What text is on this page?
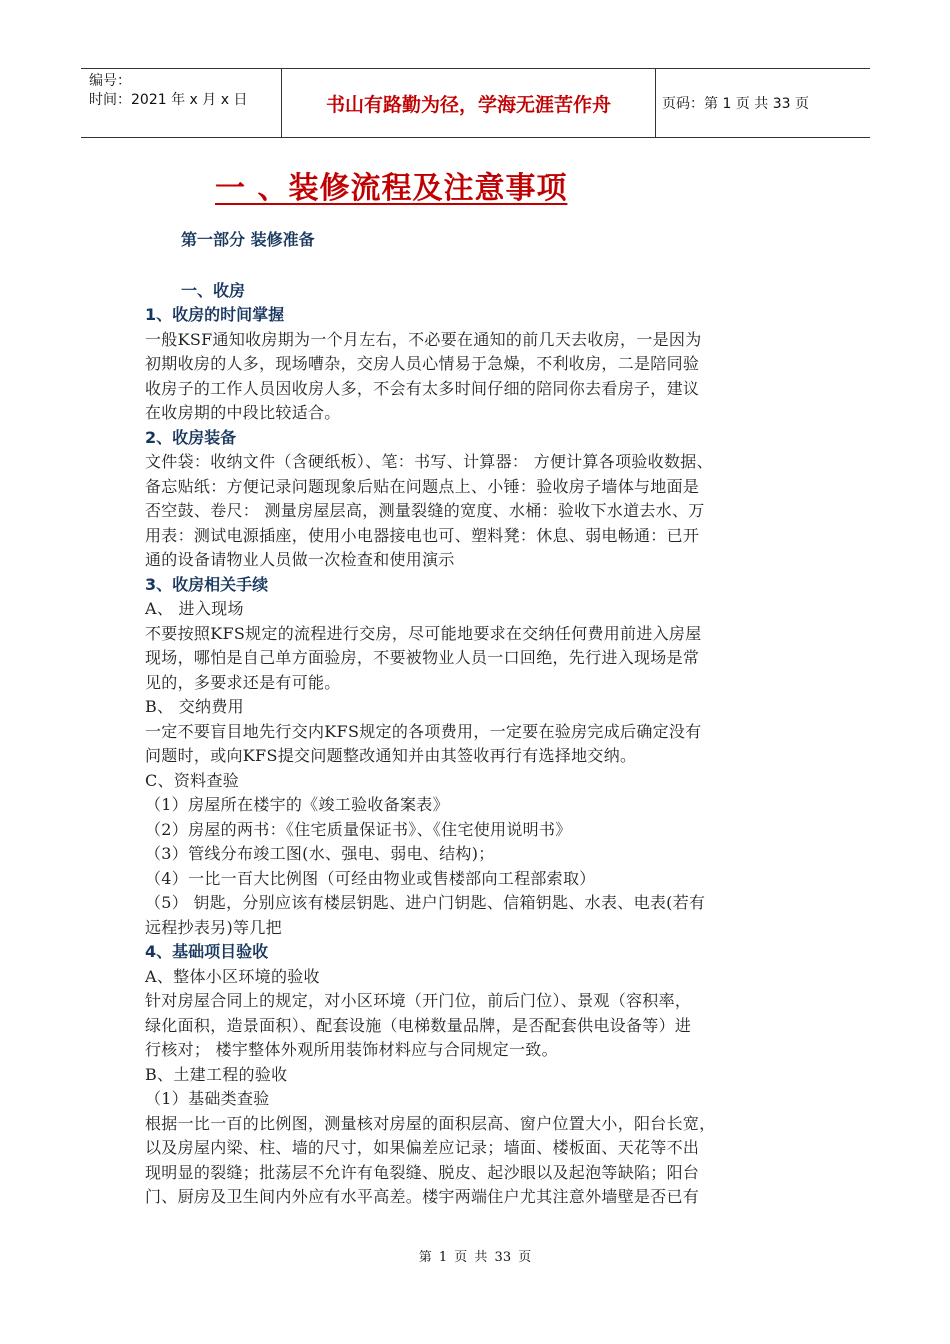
编号：
时间：2021 年 x 月 x 日	书山有路勤为径，学海无涯苦作舟	页码：第 1 页 共 33 页
一 、装修流程及注意事项

第一部分 装修准备

一、收房

1、收房的时间掌握

一般KSF通知收房期为一个月左右，不必要在通知的前几天去收房，一是因为

初期收房的人多，现场嘈杂，交房人员心情易于急燥，不利收房，二是陪同验

收房子的工作人员因收房人多，不会有太多时间仔细的陪同你去看房子，建议

在收房期的中段比较适合。

2、收房装备

文件袋：收纳文件（含硬纸板）、笔：书写、计算器： 方便计算各项验收数据、

备忘贴纸：方便记录问题现象后贴在问题点上、小锤：验收房子墙体与地面是

否空鼓、卷尺： 测量房屋层高，测量裂缝的宽度、水桶：验收下水道去水、万

用表：测试电源插座，使用小电器接电也可、塑料凳：休息、弱电畅通：已开

通的设备请物业人员做一次检查和使用演示

3、收房相关手续

A、 进入现场

不要按照KFS规定的流程进行交房，尽可能地要求在交纳任何费用前进入房屋

现场，哪怕是自己单方面验房，不要被物业人员一口回绝，先行进入现场是常

见的，多要求还是有可能。

B、 交纳费用

一定不要盲目地先行交内KFS规定的各项费用，一定要在验房完成后确定没有

问题时，或向KFS提交问题整改通知并由其签收再行有选择地交纳。

C、资料查验

（1）房屋所在楼宇的《竣工验收备案表》

（2）房屋的两书：《住宅质量保证书》、《住宅使用说明书》

（3）管线分布竣工图(水、强电、弱电、结构)；

（4）一比一百大比例图（可经由物业或售楼部向工程部索取）

（5） 钥匙，分别应该有楼层钥匙、进户门钥匙、信箱钥匙、水表、电表(若有

远程抄表另)等几把

4、基础项目验收

A、整体小区环境的验收

针对房屋合同上的规定，对小区环境（开门位，前后门位）、景观（容积率，

绿化面积，造景面积）、配套设施（电梯数量品牌，是否配套供电设备等）进

行核对； 楼宇整体外观所用装饰材料应与合同规定一致。

B、土建工程的验收

（1）基础类查验

根据一比一百的比例图，测量核对房屋的面积层高、窗户位置大小，阳台长宽，

以及房屋内梁、柱、墙的尺寸，如果偏差应记录；墙面、楼板面、天花等不出

现明显的裂缝；批荡层不允许有龟裂缝、脱皮、起沙眼以及起泡等缺陷；阳台

门、厨房及卫生间内外应有水平高差。楼宇两端住户尤其注意外墙壁是否已有

第 1 页 共 33 页
